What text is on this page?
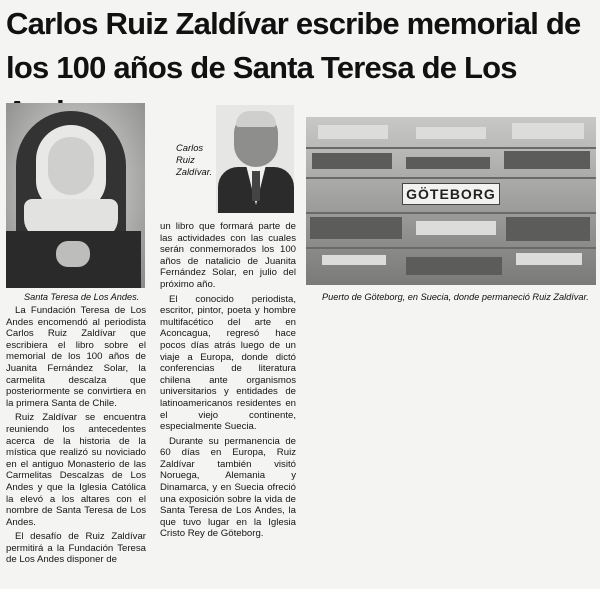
Carlos Ruiz Zaldívar escribe memorial de
los 100 años de Santa Teresa de Los
Santa Teresa de Los Andes.
Carlos
Ruiz
Zaldívar.
GÖTEBORG
Puerto de Göteborg, en Suecia, donde permaneció Ruiz Zaldívar.

La Fundación Teresa de Los Andes encomendó al periodista Carlos Ruiz Zaldívar que escribiera el libro sobre el memorial de los 100 años de Juanita Fernández Solar, la carmelita descalza que posteriormente se convirtiera en la primera Santa de Chile.

Ruiz Zaldívar se encuentra reuniendo los antecedentes acerca de la historia de la mística que realizó su noviciado en el antiguo Monasterio de las Carmelitas Descalzas de Los Andes y que la Iglesia Católica la elevó a los altares con el nombre de Santa Teresa de Los Andes.

El desafío de Ruiz Zaldívar permitirá a la Fundación Teresa de Los Andes disponer de

un libro que formará parte de las actividades con las cuales serán conmemorados los 100 años de natalicio de Juanita Fernández Solar, en julio del próximo año.

El conocido periodista, escritor, pintor, poeta y hombre multifacético del arte en Aconcagua, regresó hace pocos días atrás luego de un viaje a Europa, donde dictó conferencias de literatura chilena ante organismos universitarios y entidades de latinoamericanos residentes en el viejo continente, especialmente Suecia.

Durante su permanencia de 60 días en Europa, Ruiz Zaldívar también visitó Noruega, Alemania y Dinamarca, y en Suecia ofreció una exposición sobre la vida de Santa Teresa de Los Andes, la que tuvo lugar en la Iglesia Cristo Rey de Göteborg.
